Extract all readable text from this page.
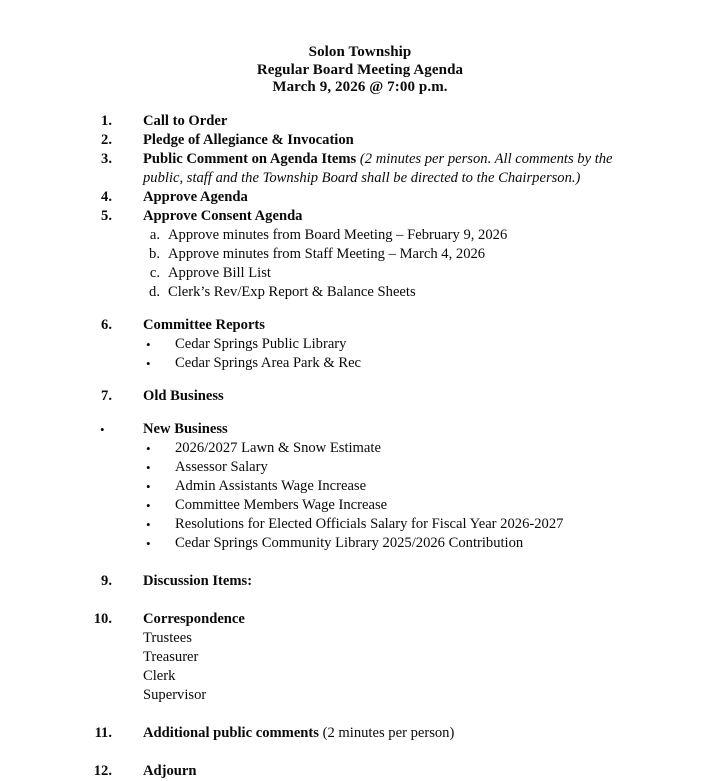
Solon Township
Regular Board Meeting Agenda
March 9, 2026 @ 7:00 p.m.
1. Call to Order
2. Pledge of Allegiance & Invocation
3. Public Comment on Agenda Items (2 minutes per person. All comments by the
public, staff and the Township Board shall be directed to the Chairperson.)
4. Approve Agenda
5. Approve Consent Agenda
a. Approve minutes from Board Meeting – February 9, 2026
b. Approve minutes from Staff Meeting – March 4, 2026
c. Approve Bill List
d. Clerk’s Rev/Exp Report & Balance Sheets
6. Committee Reports
•	Cedar Springs Public Library
•	Cedar Springs Area Park & Rec
7. Old Business
•	New Business
•	2026/2027 Lawn & Snow Estimate
•	Assessor Salary
•	Admin Assistants Wage Increase
•	Committee Members Wage Increase
•	Resolutions for Elected Officials Salary for Fiscal Year 2026-2027
•	Cedar Springs Community Library 2025/2026 Contribution
9. Discussion Items:
10. Correspondence
Trustees
Treasurer
Clerk
Supervisor
11. Additional public comments (2 minutes per person)
12. Adjourn
